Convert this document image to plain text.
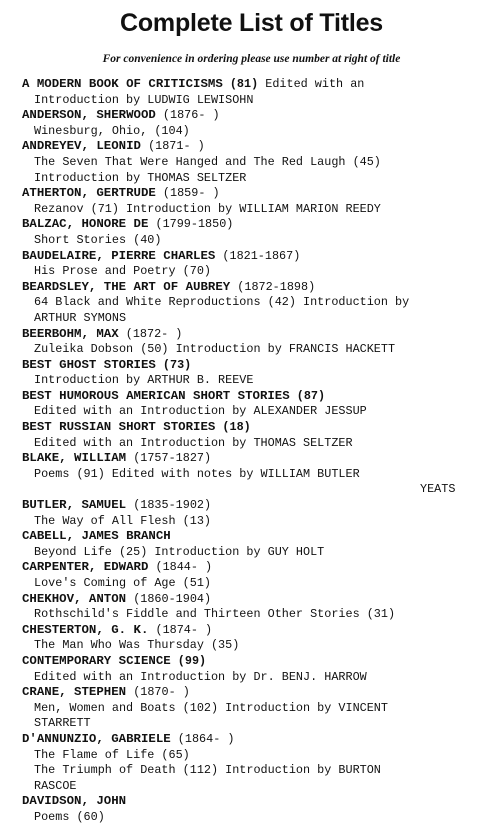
Complete List of Titles
For convenience in ordering please use number at right of title
A MODERN BOOK OF CRITICISMS (81) Edited with an
Introduction by LUDWIG LEWISOHN
ANDERSON, SHERWOOD (1876- )
Winesburg, Ohio, (104)
ANDREYEV, LEONID (1871- )
The Seven That Were Hanged and The Red Laugh (45)
Introduction by THOMAS SELTZER
ATHERTON, GERTRUDE (1859- )
Rezanov (71) Introduction by WILLIAM MARION REEDY
BALZAC, HONORE DE (1799-1850)
Short Stories (40)
BAUDELAIRE, PIERRE CHARLES (1821-1867)
His Prose and Poetry (70)
BEARDSLEY, THE ART OF AUBREY (1872-1898)
64 Black and White Reproductions (42) Introduction by
ARTHUR SYMONS
BEERBOHM, MAX (1872- )
Zuleika Dobson (50) Introduction by FRANCIS HACKETT
BEST GHOST STORIES (73)
Introduction by ARTHUR B. REEVE
BEST HUMOROUS AMERICAN SHORT STORIES (87)
Edited with an Introduction by ALEXANDER JESSUP
BEST RUSSIAN SHORT STORIES (18)
Edited with an Introduction by THOMAS SELTZER
BLAKE, WILLIAM (1757-1827)
Poems (91) Edited with notes by WILLIAM BUTLER
YEATS
BUTLER, SAMUEL (1835-1902)
The Way of All Flesh (13)
CABELL, JAMES BRANCH
Beyond Life (25) Introduction by GUY HOLT
CARPENTER, EDWARD (1844- )
Love's Coming of Age (51)
CHEKHOV, ANTON (1860-1904)
Rothschild's Fiddle and Thirteen Other Stories (31)
CHESTERTON, G. K. (1874- )
The Man Who Was Thursday (35)
CONTEMPORARY SCIENCE (99)
Edited with an Introduction by Dr. BENJ. HARROW
CRANE, STEPHEN (1870- )
Men, Women and Boats (102) Introduction by VINCENT
STARRETT
D'ANNUNZIO, GABRIELE (1864- )
The Flame of Life (65)
The Triumph of Death (112) Introduction by BURTON
RASCOE
DAVIDSON, JOHN
Poems (60)
